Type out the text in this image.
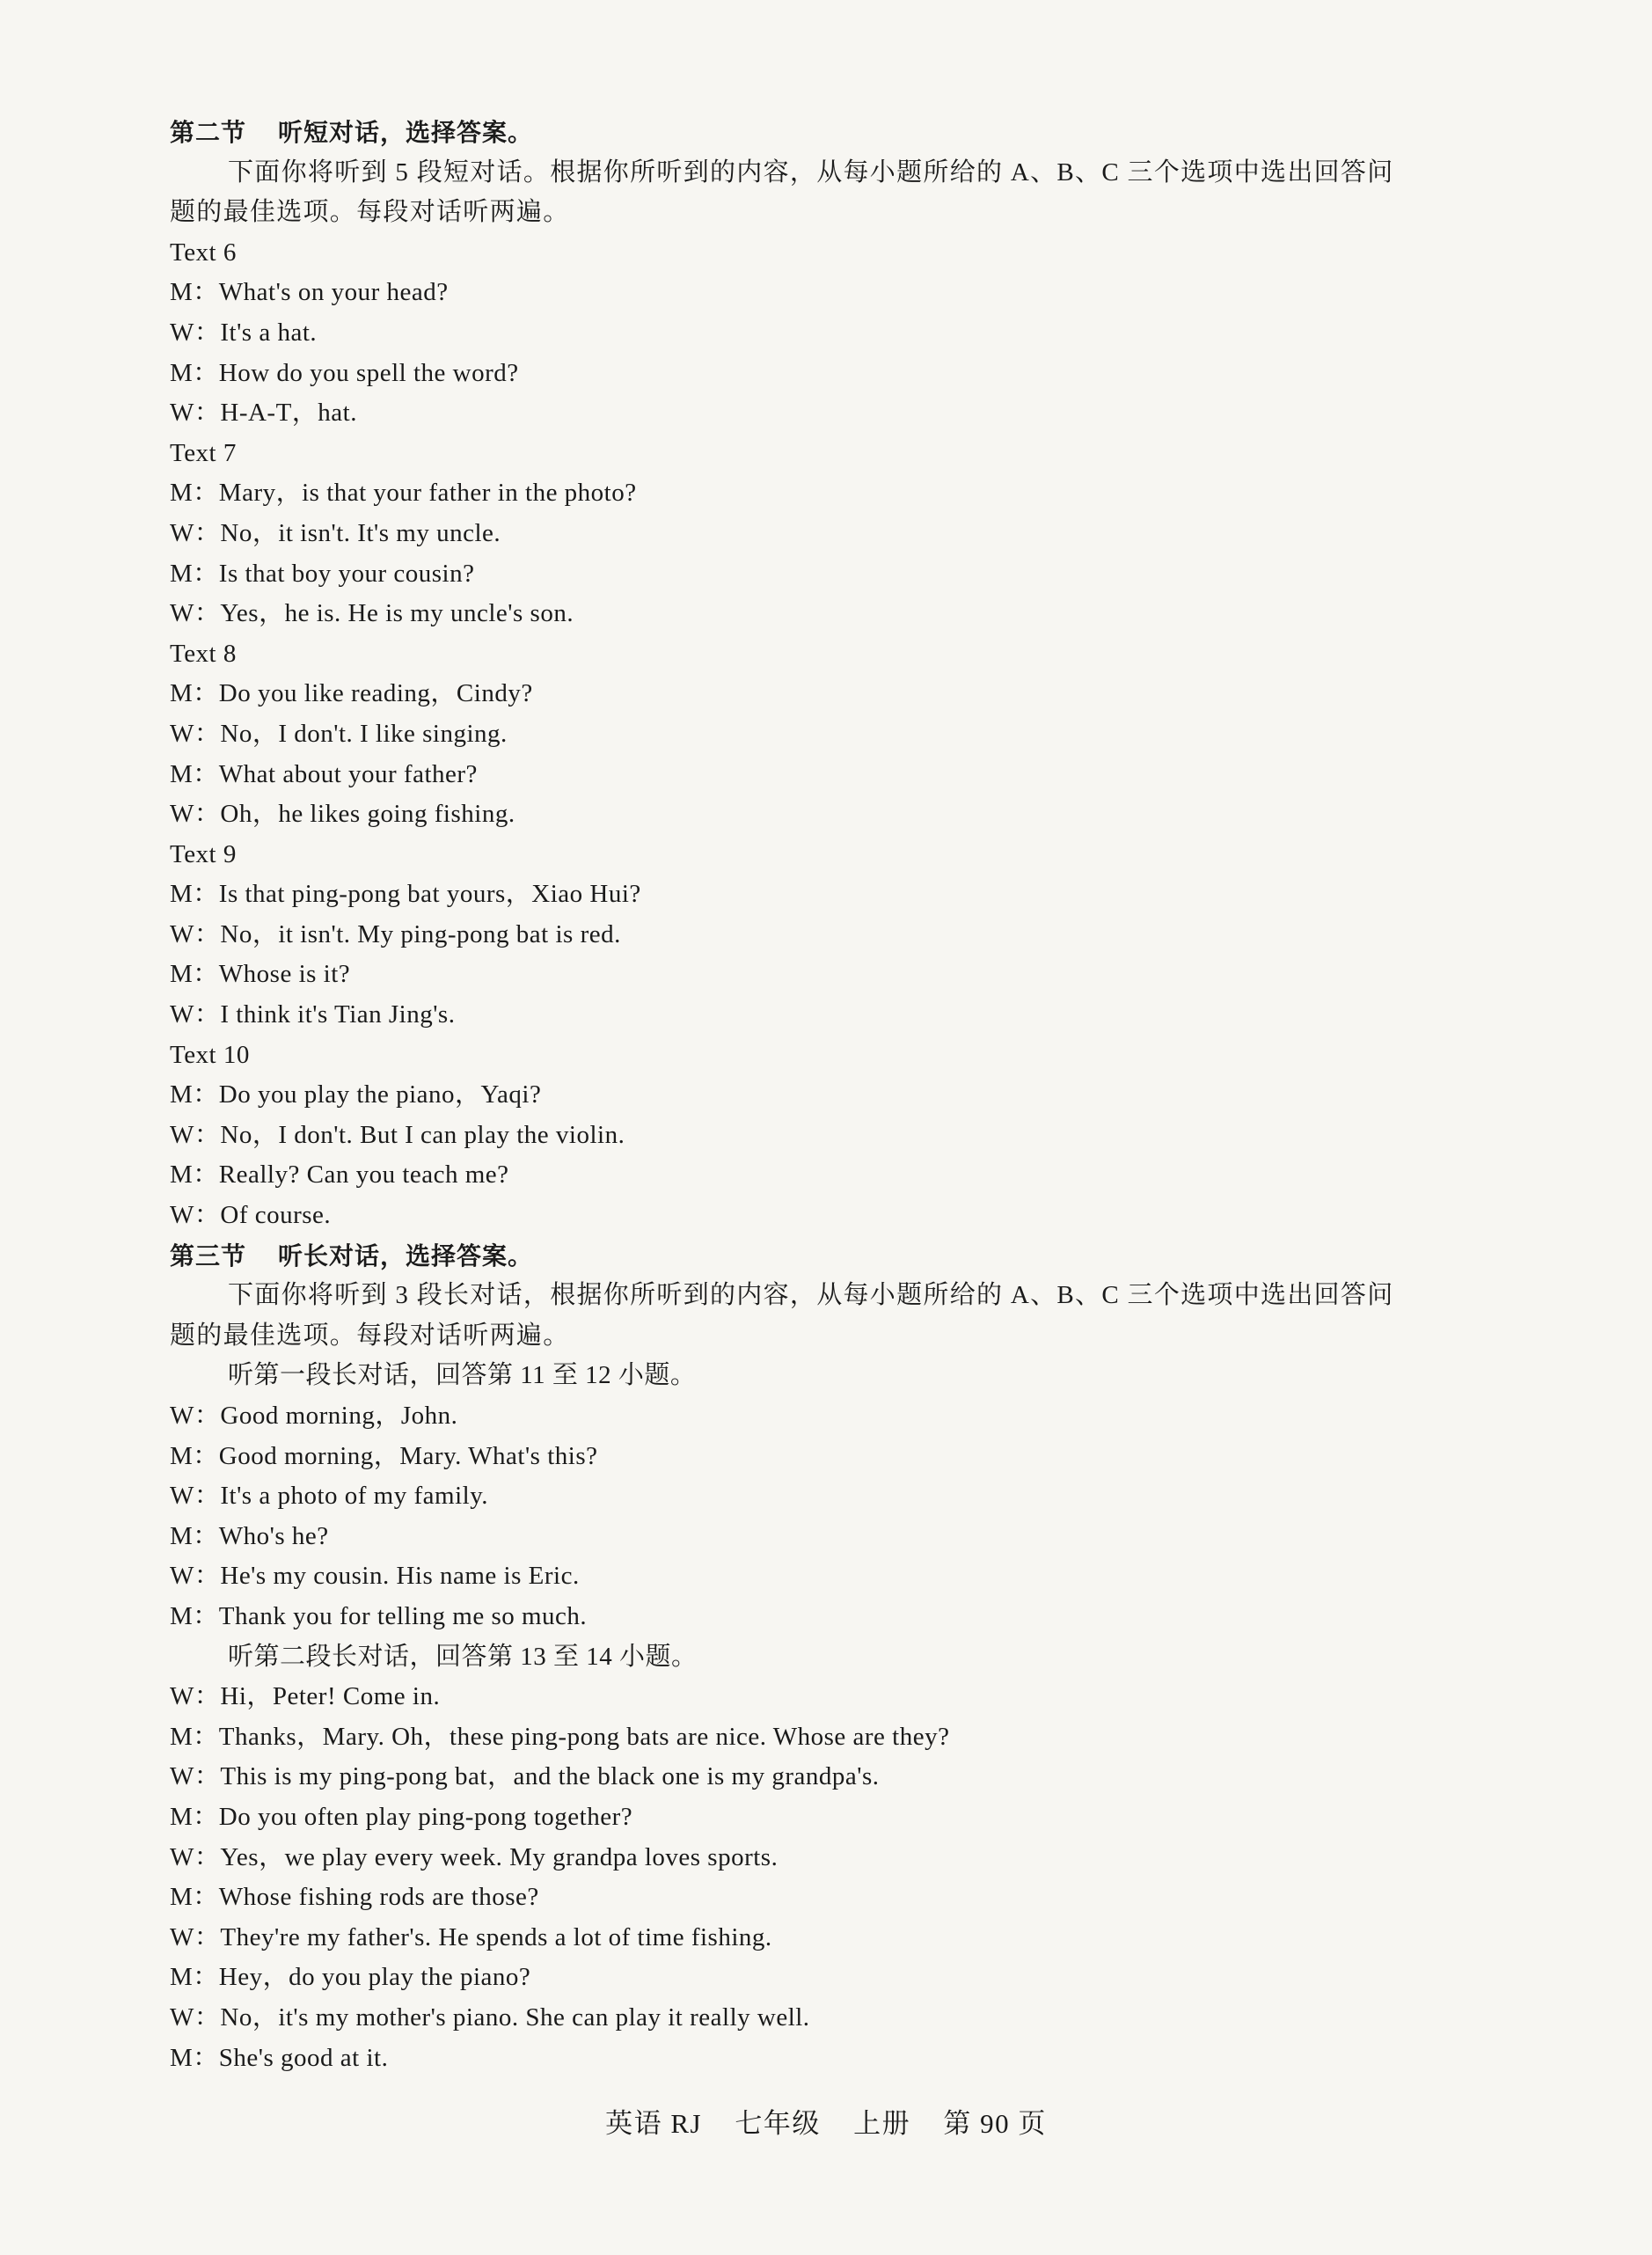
第二节 听短对话，选择答案。
下面你将听到 5 段短对话。根据你所听到的内容，从每小题所给的 A、B、C 三个选项中选出回答问
题的最佳选项。每段对话听两遍。
Text 6
M：What's on your head?
W：It's a hat.
M：How do you spell the word?
W：H-A-T，hat.
Text 7
M：Mary，is that your father in the photo?
W：No，it isn't. It's my uncle.
M：Is that boy your cousin?
W：Yes，he is. He is my uncle's son.
Text 8
M：Do you like reading，Cindy?
W：No，I don't. I like singing.
M：What about your father?
W：Oh，he likes going fishing.
Text 9
M：Is that ping-pong bat yours，Xiao Hui?
W：No，it isn't. My ping-pong bat is red.
M：Whose is it?
W：I think it's Tian Jing's.
Text 10
M：Do you play the piano，Yaqi?
W：No，I don't. But I can play the violin.
M：Really? Can you teach me?
W：Of course.
第三节 听长对话，选择答案。
下面你将听到 3 段长对话，根据你所听到的内容，从每小题所给的 A、B、C 三个选项中选出回答问
题的最佳选项。每段对话听两遍。
听第一段长对话，回答第 11 至 12 小题。
W：Good morning，John.
M：Good morning，Mary. What's this?
W：It's a photo of my family.
M：Who's he?
W：He's my cousin. His name is Eric.
M：Thank you for telling me so much.
听第二段长对话，回答第 13 至 14 小题。
W：Hi，Peter! Come in.
M：Thanks，Mary. Oh，these ping-pong bats are nice. Whose are they?
W：This is my ping-pong bat，and the black one is my grandpa's.
M：Do you often play ping-pong together?
W：Yes，we play every week. My grandpa loves sports.
M：Whose fishing rods are those?
W：They're my father's. He spends a lot of time fishing.
M：Hey，do you play the piano?
W：No，it's my mother's piano. She can play it really well.
M：She's good at it.
英语 RJ 七年级 上册 第 90 页
